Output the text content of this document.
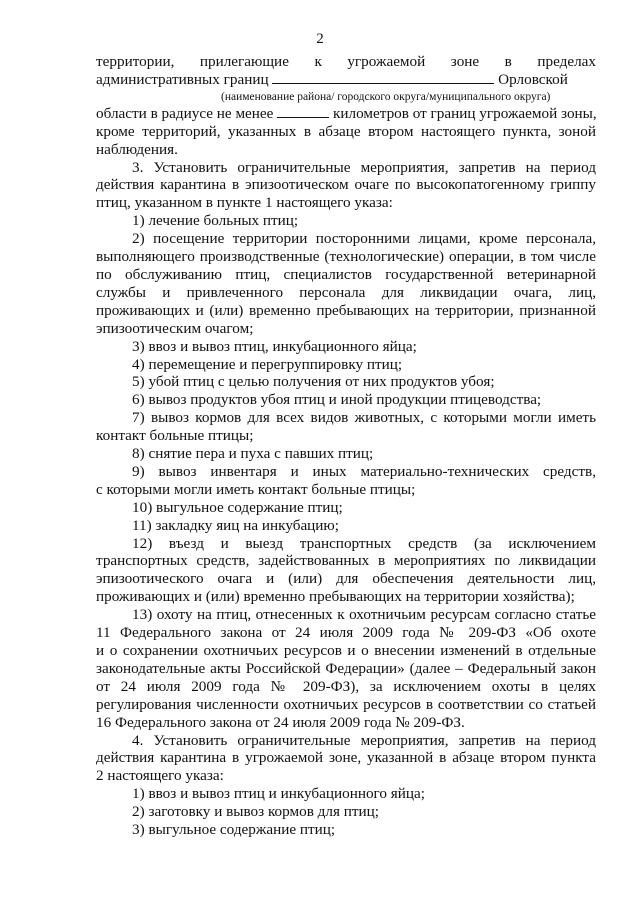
2

территории, прилегающие к угрожаемой зоне в пределах

административных границ	Орловской

(наименование района/ городского округа/муниципального округа)

области в радиусе не менее	километров от границ угрожаемой зоны,

кроме территорий, указанных в абзаце втором настоящего пункта, зоной

наблюдения.

3. Установить ограничительные мероприятия, запретив на период

действия карантина в эпизоотическом очаге по высокопатогенному гриппу

птиц, указанном в пункте 1 настоящего указа:

1) лечение больных птиц;

2) посещение территории посторонними лицами, кроме персонала,

выполняющего производственные (технологические) операции, в том числе

по обслуживанию птиц, специалистов государственной ветеринарной

службы и привлеченного персонала для ликвидации очага, лиц,

проживающих и (или) временно пребывающих на территории, признанной

эпизоотическим очагом;

3) ввоз и вывоз птиц, инкубационного яйца;

4) перемещение и перегруппировку птиц;

5) убой птиц с целью получения от них продуктов убоя;

6) вывоз продуктов убоя птиц и иной продукции птицеводства;

7) вывоз кормов для всех видов животных, с которыми могли иметь

контакт больные птицы;

8) снятие пера и пуха с павших птиц;

9) вывоз инвентаря и иных материально-технических средств,

с которыми могли иметь контакт больные птицы;

10) выгульное содержание птиц;

11) закладку яиц на инкубацию;

12) въезд и выезд транспортных средств (за исключением

транспортных средств, задействованных в мероприятиях по ликвидации

эпизоотического очага и (или) для обеспечения деятельности лиц,

проживающих и (или) временно пребывающих на территории хозяйства);

13) охоту на птиц, отнесенных к охотничьим ресурсам согласно статье

11 Федерального закона от 24 июля 2009 года № 209-ФЗ «Об охоте

и о сохранении охотничьих ресурсов и о внесении изменений в отдельные

законодательные акты Российской Федерации» (далее – Федеральный закон

от 24 июля 2009 года № 209-ФЗ), за исключением охоты в целях

регулирования численности охотничьих ресурсов в соответствии со статьей

16 Федерального закона от 24 июля 2009 года № 209-ФЗ.

4. Установить ограничительные мероприятия, запретив на период

действия карантина в угрожаемой зоне, указанной в абзаце втором пункта

2 настоящего указа:

1) ввоз и вывоз птиц и инкубационного яйца;

2) заготовку и вывоз кормов для птиц;

3) выгульное содержание птиц;
